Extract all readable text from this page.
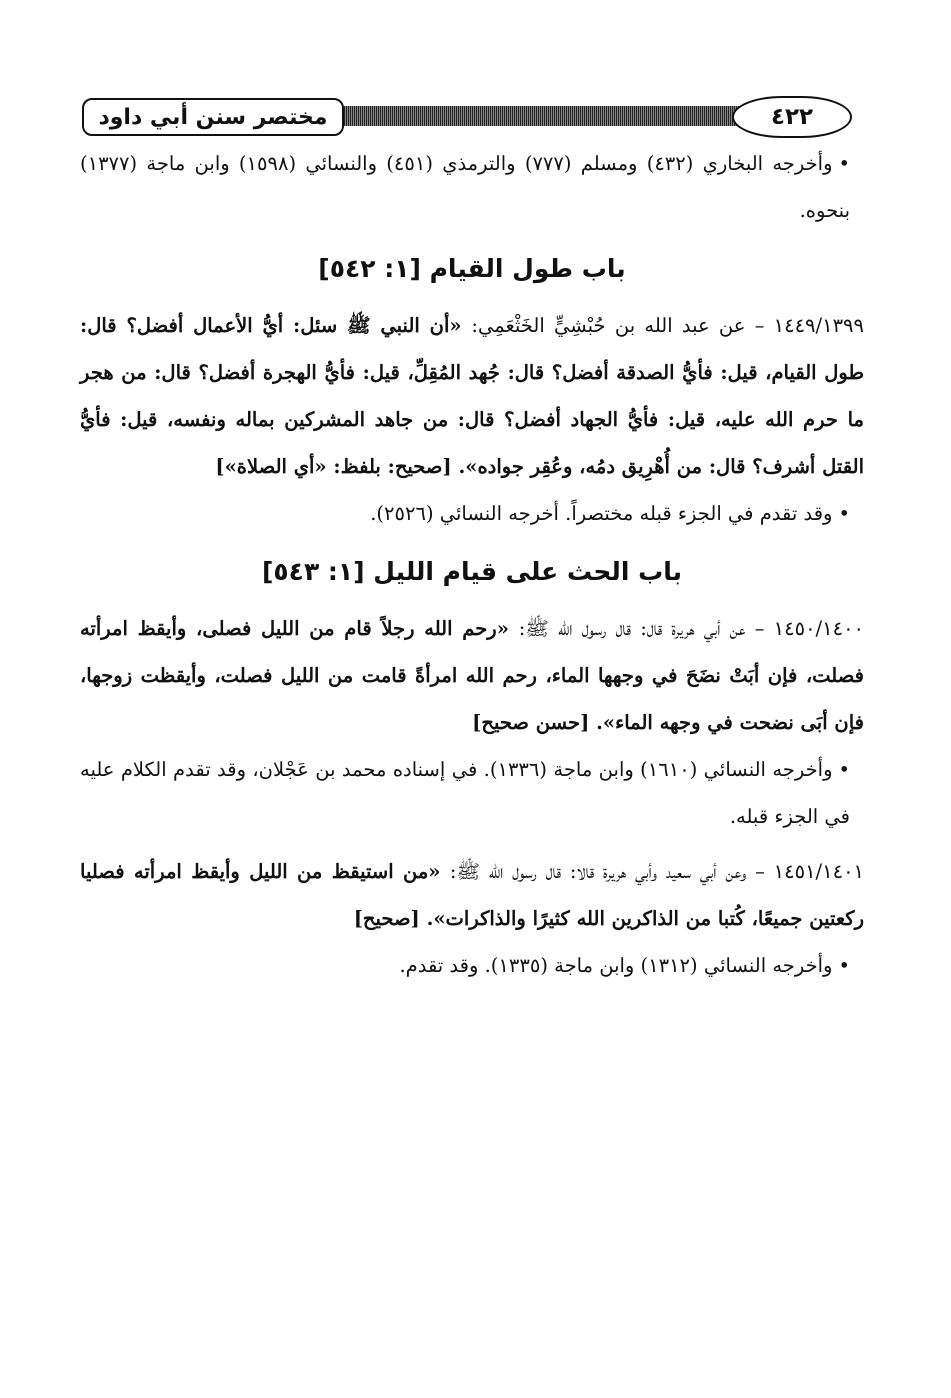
مختصر سنن أبي داود	٤٢٢

•وأخرجه البخاري (٤٣٢) ومسلم (٧٧٧) والترمذي (٤٥١) والنسائي (١٥٩٨) وابن ماجة (١٣٧٧) بنحوه.

باب طول القيام [١: ٥٤٢]

١٤٤٩/١٣٩٩ – عن عبد الله بن حُبْشِيٍّ الخَثْعَمِي: «أن النبي ﷺ سئل: أيُّ الأعمال أفضل؟ قال: طول القيام، قيل: فأيُّ الصدقة أفضل؟ قال: جُهد المُقِلِّ، قيل: فأيُّ الهجرة أفضل؟ قال: من هجر ما حرم الله عليه، قيل: فأيُّ الجهاد أفضل؟ قال: من جاهد المشركين بماله ونفسه، قيل: فأيُّ القتل أشرف؟ قال: من أُهْرِيق دمُه، وعُقِر جواده». [صحيح: بلفظ: «أي الصلاة»]

•وقد تقدم في الجزء قبله مختصراً. أخرجه النسائي (٢٥٢٦).

باب الحث على قيام الليل [١: ٥٤٣]

١٤٥٠/١٤٠٠ – عن أبي هريرة قال: قال رسول الله ﷺ: «رحم الله رجلاً قام من الليل فصلى، وأيقظ امرأته فصلت، فإن أبَتْ نضَحَ في وجهها الماء، رحم الله امرأةً قامت من الليل فصلت، وأيقظت زوجها، فإن أبَى نضحت في وجهه الماء». [حسن صحيح]

•وأخرجه النسائي (١٦١٠) وابن ماجة (١٣٣٦). في إسناده محمد بن عَجْلان، وقد تقدم الكلام عليه في الجزء قبله.

١٤٥١/١٤٠١ – وعن أبي سعيد وأبي هريرة قالا: قال رسول الله ﷺ: «من استيقظ من الليل وأيقظ امرأته فصليا ركعتين جميعًا، كُتبا من الذاكرين الله كثيرًا والذاكرات». [صحيح]

•وأخرجه النسائي (١٣١٢) وابن ماجة (١٣٣٥). وقد تقدم.
